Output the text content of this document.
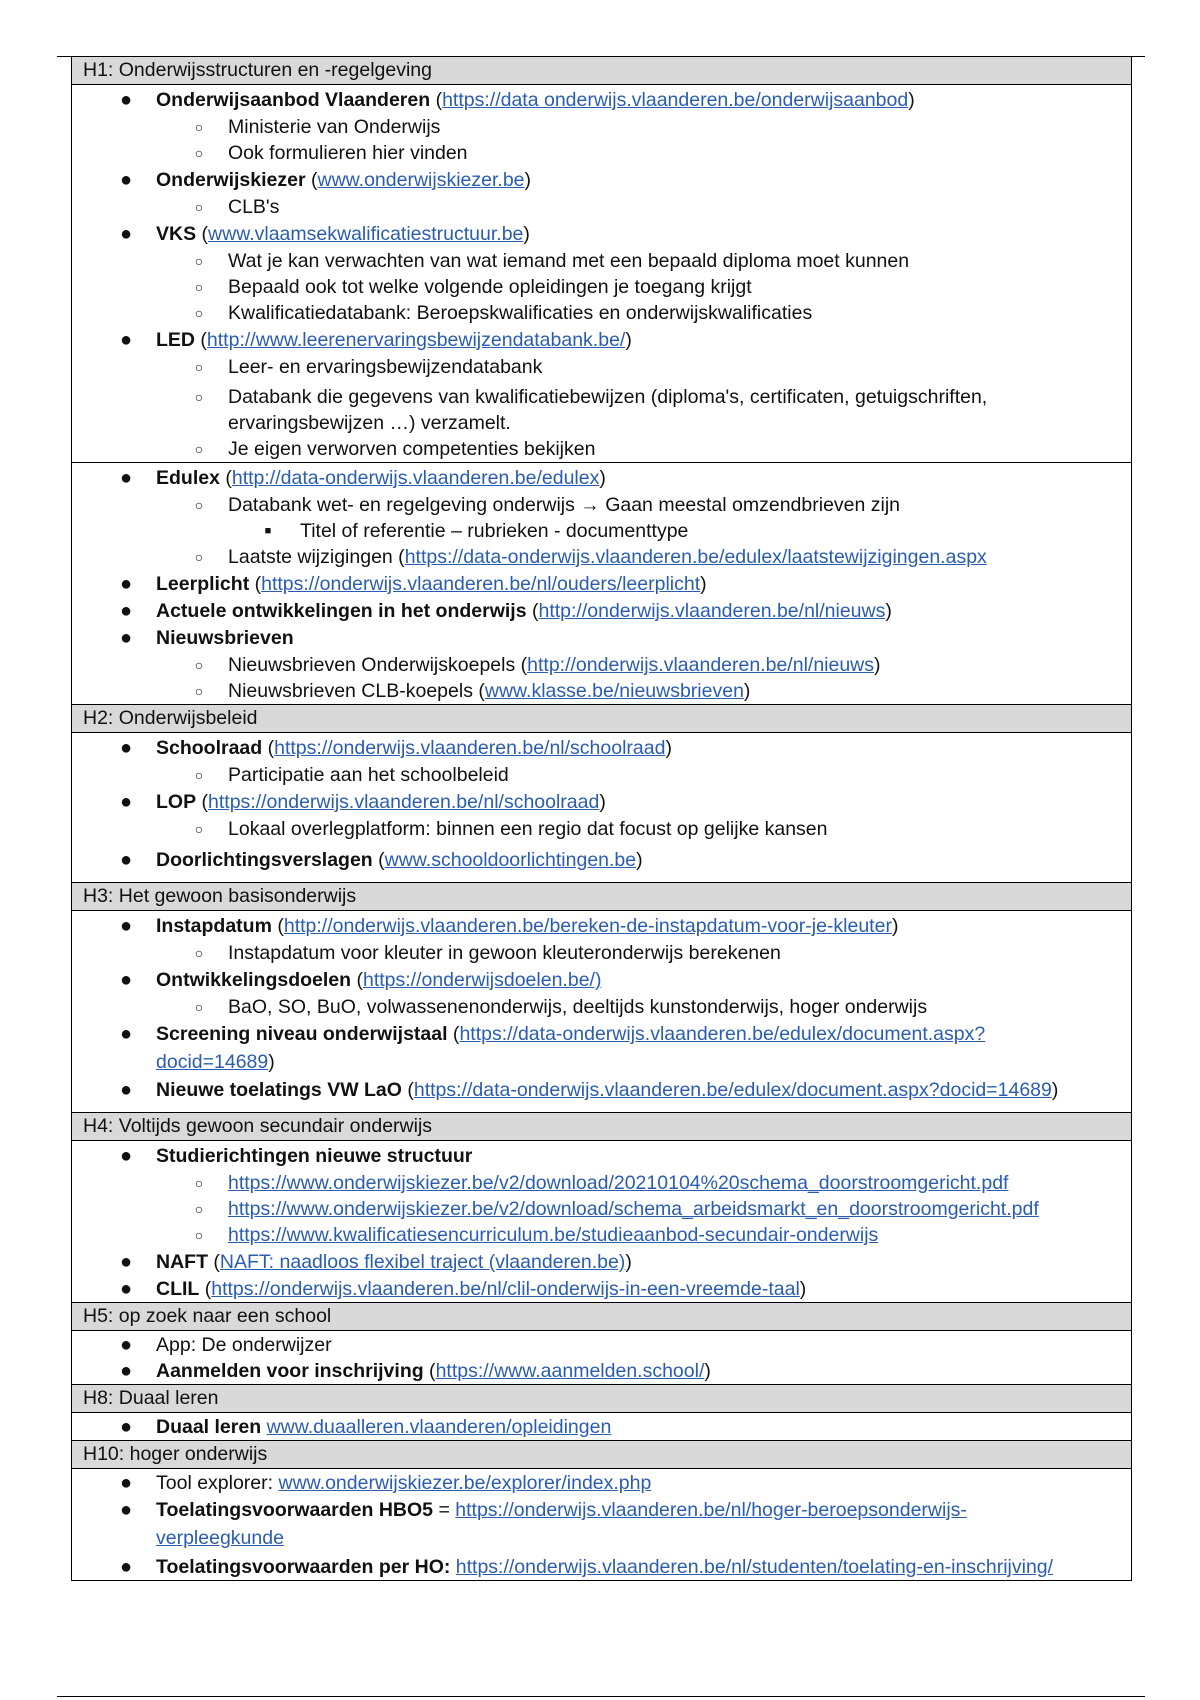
H1: Onderwijsstructuren en -regelgeving
● Onderwijsaanbod Vlaanderen (https://data onderwijs.vlaanderen.be/onderwijsaanbod)
○ Ministerie van Onderwijs
○ Ook formulieren hier vinden
● Onderwijskiezer (www.onderwijskiezer.be)
○ CLB's
● VKS (www.vlaamsekwalificatiestructuur.be)
○ Wat je kan verwachten van wat iemand met een bepaald diploma moet kunnen
○ Bepaald ook tot welke volgende opleidingen je toegang krijgt
○ Kwalificatiedatabank: Beroepskwalificaties en onderwijskwalificaties
● LED (http://www.leerenervaringsbewijzendatabank.be/)
○ Leer- en ervaringsbewijzendatabank
○ Databank die gegevens van kwalificatiebewijzen (diploma's, certificaten, getuigschriften,
ervaringsbewijzen …) verzamelt.
○ Je eigen verworven competenties bekijken
● Edulex (http://data-onderwijs.vlaanderen.be/edulex)
○ Databank wet- en regelgeving onderwijs → Gaan meestal omzendbrieven zijn
■	Titel of referentie – rubrieken - documenttype
○ Laatste wijzigingen (https://data-onderwijs.vlaanderen.be/edulex/laatstewijzigingen.aspx
● Leerplicht (https://onderwijs.vlaanderen.be/nl/ouders/leerplicht)
● Actuele ontwikkelingen in het onderwijs (http://onderwijs.vlaanderen.be/nl/nieuws)
● Nieuwsbrieven
○ Nieuwsbrieven Onderwijskoepels (http://onderwijs.vlaanderen.be/nl/nieuws)
○ Nieuwsbrieven CLB-koepels (www.klasse.be/nieuwsbrieven)
H2: Onderwijsbeleid
● Schoolraad (https://onderwijs.vlaanderen.be/nl/schoolraad)
○ Participatie aan het schoolbeleid
● LOP (https://onderwijs.vlaanderen.be/nl/schoolraad)
○ Lokaal overlegplatform: binnen een regio dat focust op gelijke kansen
● Doorlichtingsverslagen (www.schooldoorlichtingen.be)
H3: Het gewoon basisonderwijs
● Instapdatum (http://onderwijs.vlaanderen.be/bereken-de-instapdatum-voor-je-kleuter)
○ Instapdatum voor kleuter in gewoon kleuteronderwijs berekenen
● Ontwikkelingsdoelen (https://onderwijsdoelen.be/)
○ BaO, SO, BuO, volwassenenonderwijs, deeltijds kunstonderwijs, hoger onderwijs
● Screening niveau onderwijstaal (https://data-onderwijs.vlaanderen.be/edulex/document.aspx?
docid=14689)
● Nieuwe toelatings VW LaO (https://data-onderwijs.vlaanderen.be/edulex/document.aspx?docid=14689)
H4: Voltijds gewoon secundair onderwijs
● Studierichtingen nieuwe structuur
○ https://www.onderwijskiezer.be/v2/download/20210104%20schema_doorstroomgericht.pdf
○ https://www.onderwijskiezer.be/v2/download/schema_arbeidsmarkt_en_doorstroomgericht.pdf
○ https://www.kwalificatiesencurriculum.be/studieaanbod-secundair-onderwijs
● NAFT (NAFT: naadloos flexibel traject (vlaanderen.be))
● CLIL (https://onderwijs.vlaanderen.be/nl/clil-onderwijs-in-een-vreemde-taal)
H5: op zoek naar een school
● App: De onderwijzer
● Aanmelden voor inschrijving (https://www.aanmelden.school/)
H8: Duaal leren
● Duaal leren www.duaalleren.vlaanderen/opleidingen
H10: hoger onderwijs
● Tool explorer: www.onderwijskiezer.be/explorer/index.php
● Toelatingsvoorwaarden HBO5 = https://onderwijs.vlaanderen.be/nl/hoger-beroepsonderwijs-
verpleegkunde
● Toelatingsvoorwaarden per HO: https://onderwijs.vlaanderen.be/nl/studenten/toelating-en-inschrijving/
